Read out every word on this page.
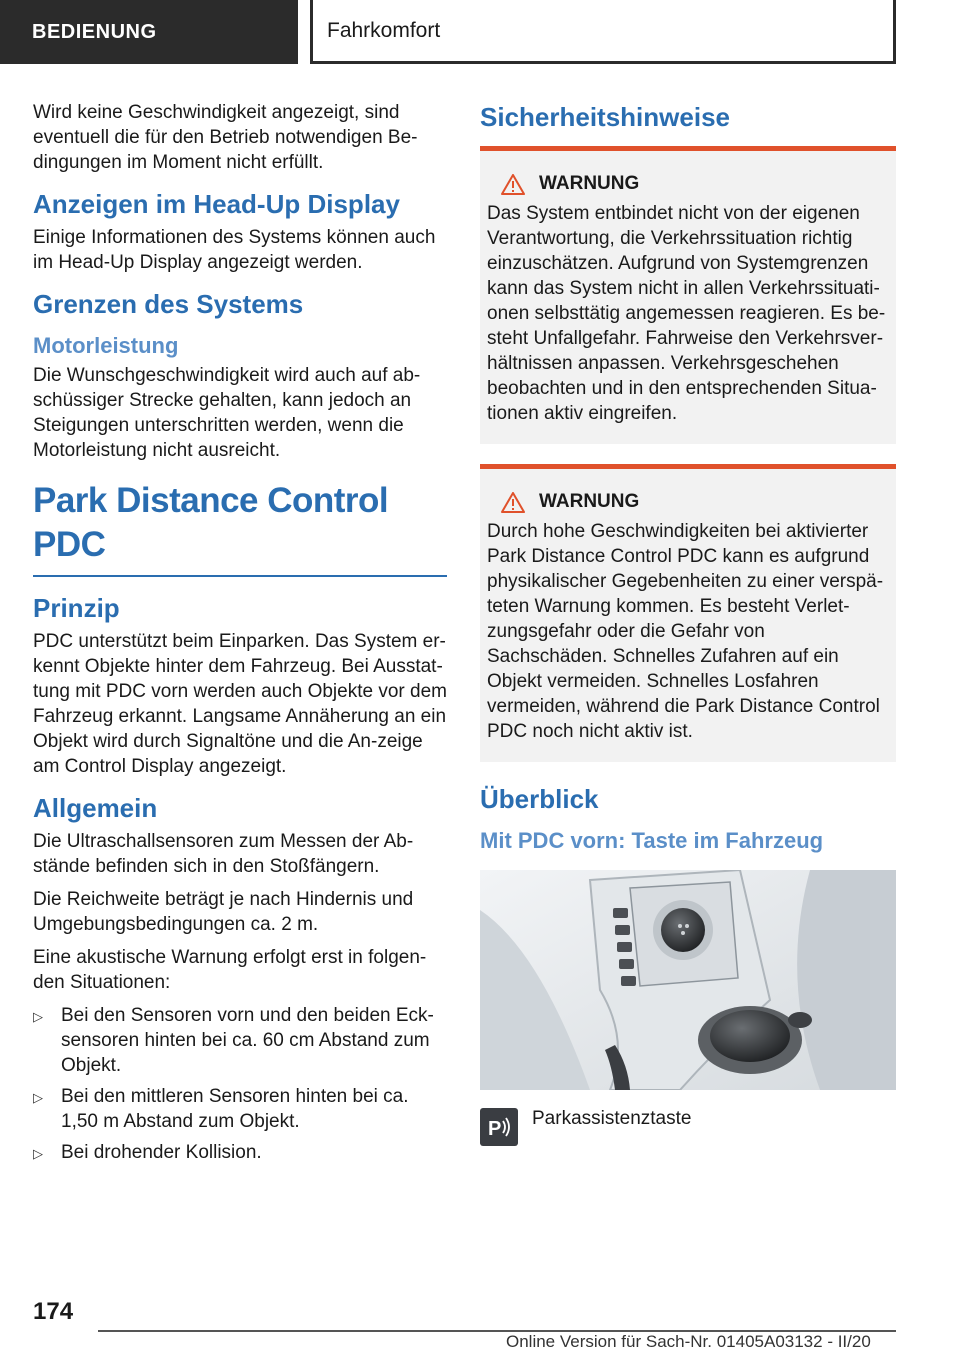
BEDIENUNG	Fahrkomfort

Wird keine Geschwindigkeit angezeigt, sind eventuell die für den Betrieb notwendigen Be-dingungen im Moment nicht erfüllt.

Anzeigen im Head-Up Display

Einige Informationen des Systems können auch im Head-Up Display angezeigt werden.

Grenzen des Systems
Motorleistung

Die Wunschgeschwindigkeit wird auch auf ab-schüssiger Strecke gehalten, kann jedoch an Steigungen unterschritten werden, wenn die Motorleistung nicht ausreicht.

Park Distance Control PDC
Prinzip

PDC unterstützt beim Einparken. Das System er-kennt Objekte hinter dem Fahrzeug. Bei Ausstat-tung mit PDC vorn werden auch Objekte vor dem Fahrzeug erkannt. Langsame Annäherung an ein Objekt wird durch Signaltöne und die An-zeige am Control Display angezeigt.

Allgemein

Die Ultraschallsensoren zum Messen der Ab-stände befinden sich in den Stoßfängern.

Die Reichweite beträgt je nach Hindernis und Umgebungsbedingungen ca. 2 m.

Eine akustische Warnung erfolgt erst in folgen-den Situationen:

▷ Bei den Sensoren vorn und den beiden Eck-sensoren hinten bei ca. 60 cm Abstand zum Objekt.
▷ Bei den mittleren Sensoren hinten bei ca. 1,50 m Abstand zum Objekt.
▷ Bei drohender Kollision.
Sicherheitshinweise
WARNUNG

Das System entbindet nicht von der eigenen Verantwortung, die Verkehrssituation richtig einzuschätzen. Aufgrund von Systemgrenzen kann das System nicht in allen Verkehrssituati-onen selbsttätig angemessen reagieren. Es be-steht Unfallgefahr. Fahrweise den Verkehrsver-hältnissen anpassen. Verkehrsgeschehen beobachten und in den entsprechenden Situa-tionen aktiv eingreifen.

WARNUNG

Durch hohe Geschwindigkeiten bei aktivierter Park Distance Control PDC kann es aufgrund physikalischer Gegebenheiten zu einer verspä-teten Warnung kommen. Es besteht Verlet-zungsgefahr oder die Gefahr von Sachschäden. Schnelles Zufahren auf ein Objekt vermeiden. Schnelles Losfahren vermeiden, während die Park Distance Control PDC noch nicht aktiv ist.

Überblick
Mit PDC vorn: Taste im Fahrzeug
P Parkassistenztaste

174
Online Version für Sach-Nr. 01405A03132 - II/20
